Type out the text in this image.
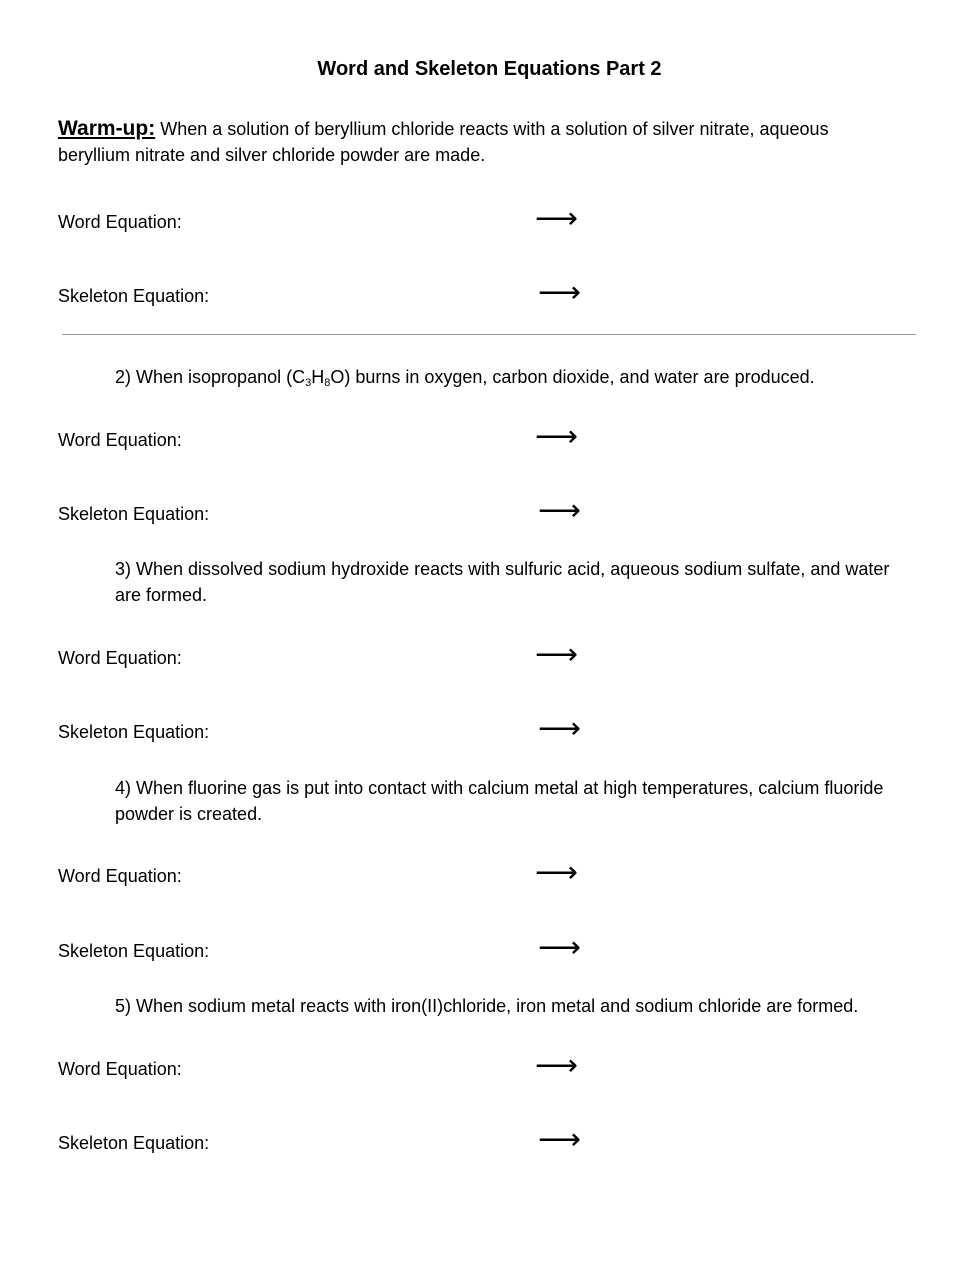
Word and Skeleton Equations Part 2
Warm-up: When a solution of beryllium chloride reacts with a solution of silver nitrate, aqueous beryllium nitrate and silver chloride powder are made.
Word Equation:	⟶
Skeleton Equation:	⟶
2) When isopropanol $(C_3H_8O)$ burns in oxygen, carbon dioxide, and water are produced.
Word Equation:	⟶
Skeleton Equation:	⟶
3) When dissolved sodium hydroxide reacts with sulfuric acid, aqueous sodium sulfate, and water are formed.
Word Equation:	⟶
Skeleton Equation:	⟶
4) When fluorine gas is put into contact with calcium metal at high temperatures, calcium fluoride powder is created.
Word Equation:	⟶
Skeleton Equation:	⟶
5) When sodium metal reacts with iron(II)chloride, iron metal and sodium chloride are formed.
Word Equation:	⟶
Skeleton Equation:	⟶
